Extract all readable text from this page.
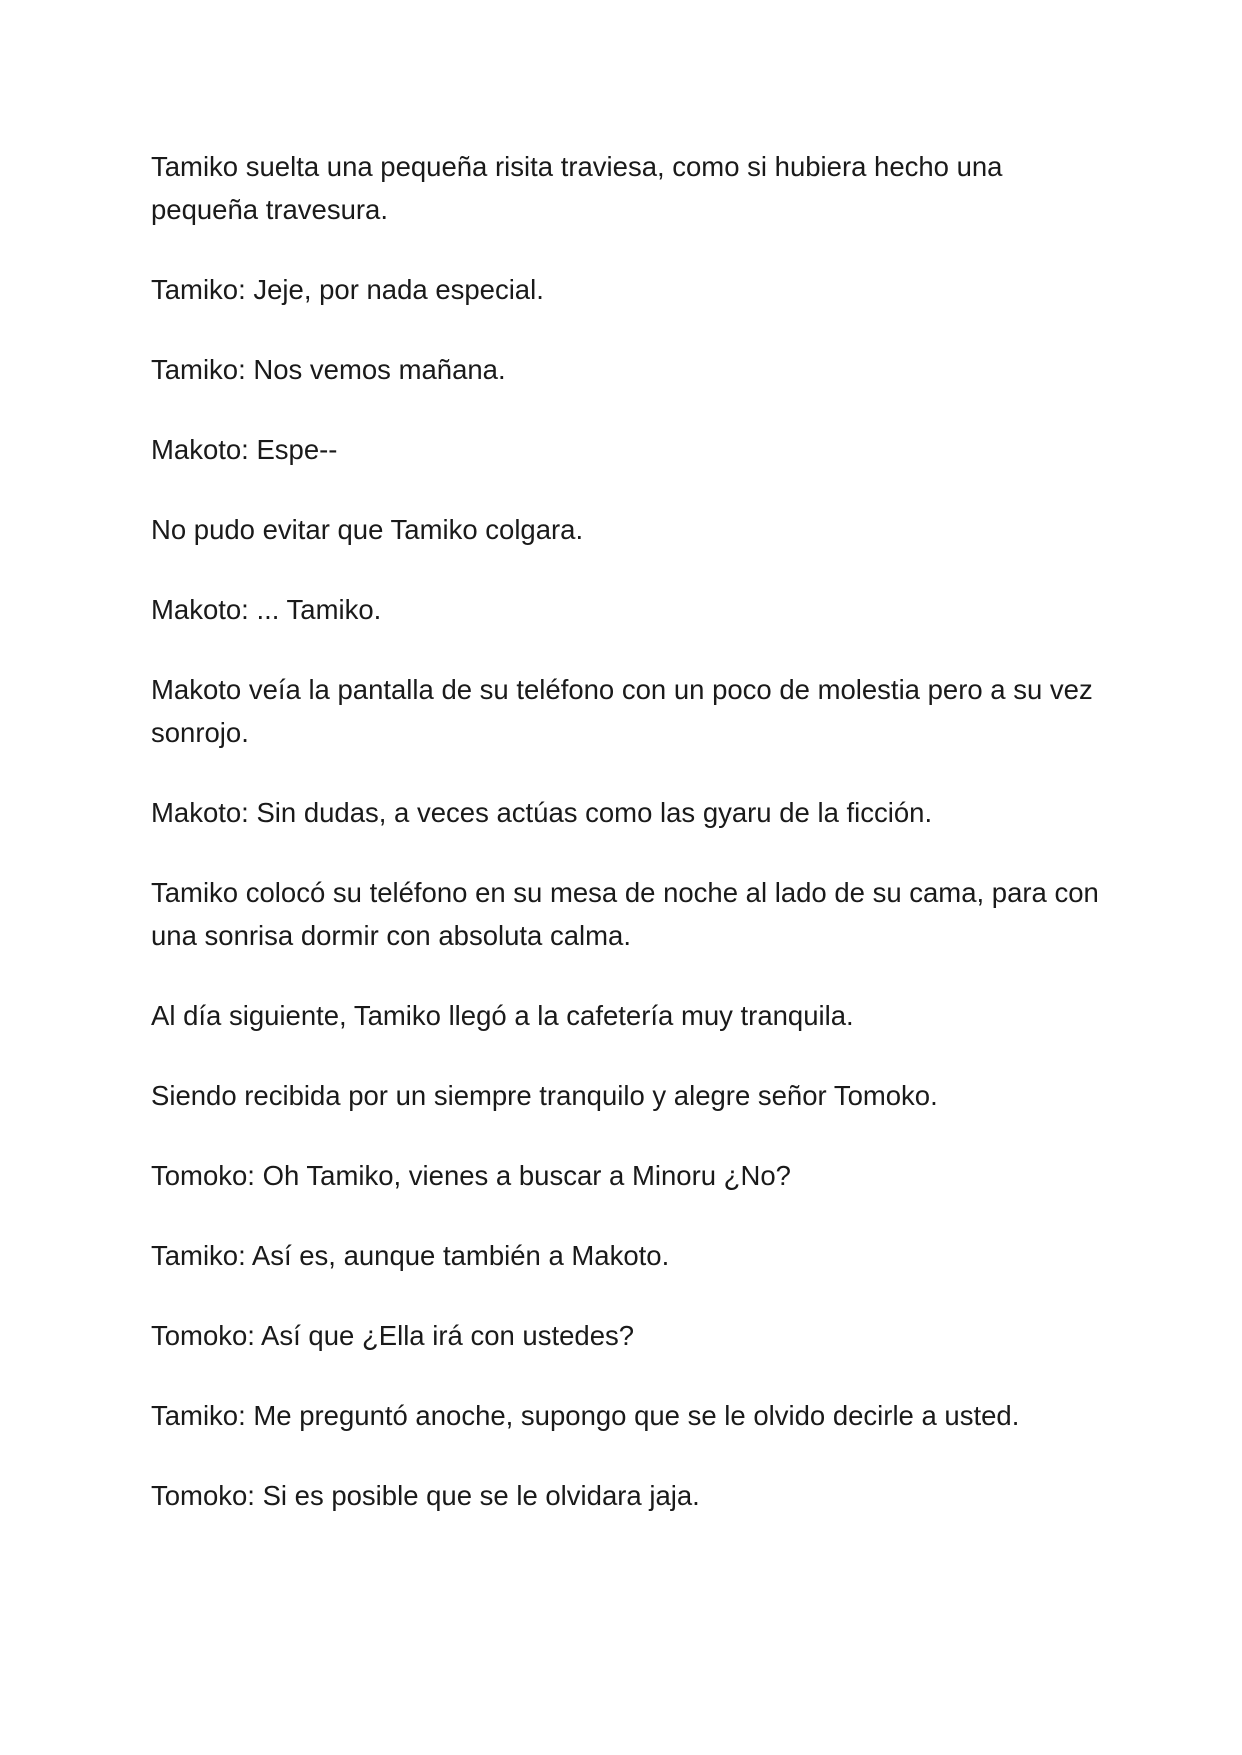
Tamiko suelta una pequeña risita traviesa, como si hubiera hecho una pequeña travesura.

Tamiko: Jeje, por nada especial.

Tamiko: Nos vemos mañana.

Makoto: Espe--

No pudo evitar que Tamiko colgara.

Makoto: ... Tamiko.

Makoto veía la pantalla de su teléfono con un poco de molestia pero a su vez sonrojo.

Makoto: Sin dudas, a veces actúas como las gyaru de la ficción.

Tamiko colocó su teléfono en su mesa de noche al lado de su cama, para con una sonrisa dormir con absoluta calma.

Al día siguiente, Tamiko llegó a la cafetería muy tranquila.

Siendo recibida por un siempre tranquilo y alegre señor Tomoko.

Tomoko: Oh Tamiko, vienes a buscar a Minoru ¿No?

Tamiko: Así es, aunque también a Makoto.

Tomoko: Así que ¿Ella irá con ustedes?

Tamiko: Me preguntó anoche, supongo que se le olvido decirle a usted.

Tomoko: Si es posible que se le olvidara jaja.
